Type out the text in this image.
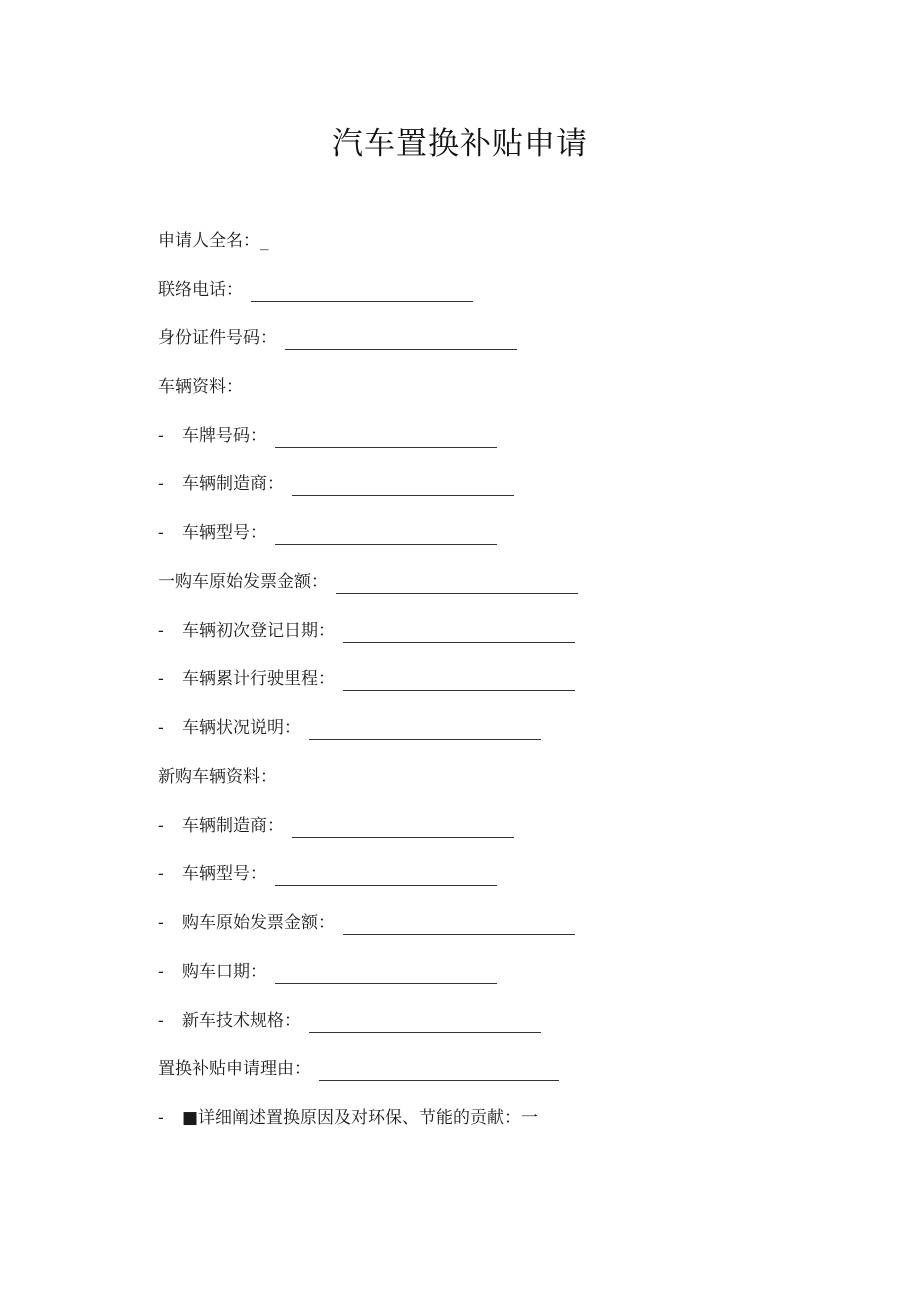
汽车置换补贴申请
申请人全名：_
联络电话：
身份证件号码：
车辆资料：
-	车牌号码：
-	车辆制造商：
-	车辆型号：
一购车原始发票金额：
-	车辆初次登记日期：
-	车辆累计行驶里程：
-	车辆状况说明：
新购车辆资料：
-	车辆制造商：
-	车辆型号：
-	购车原始发票金额：
-	购车口期：
-	新车技术规格：
置换补贴申请理由：
-	■详细阐述置换原因及对环保、节能的贡献：一
